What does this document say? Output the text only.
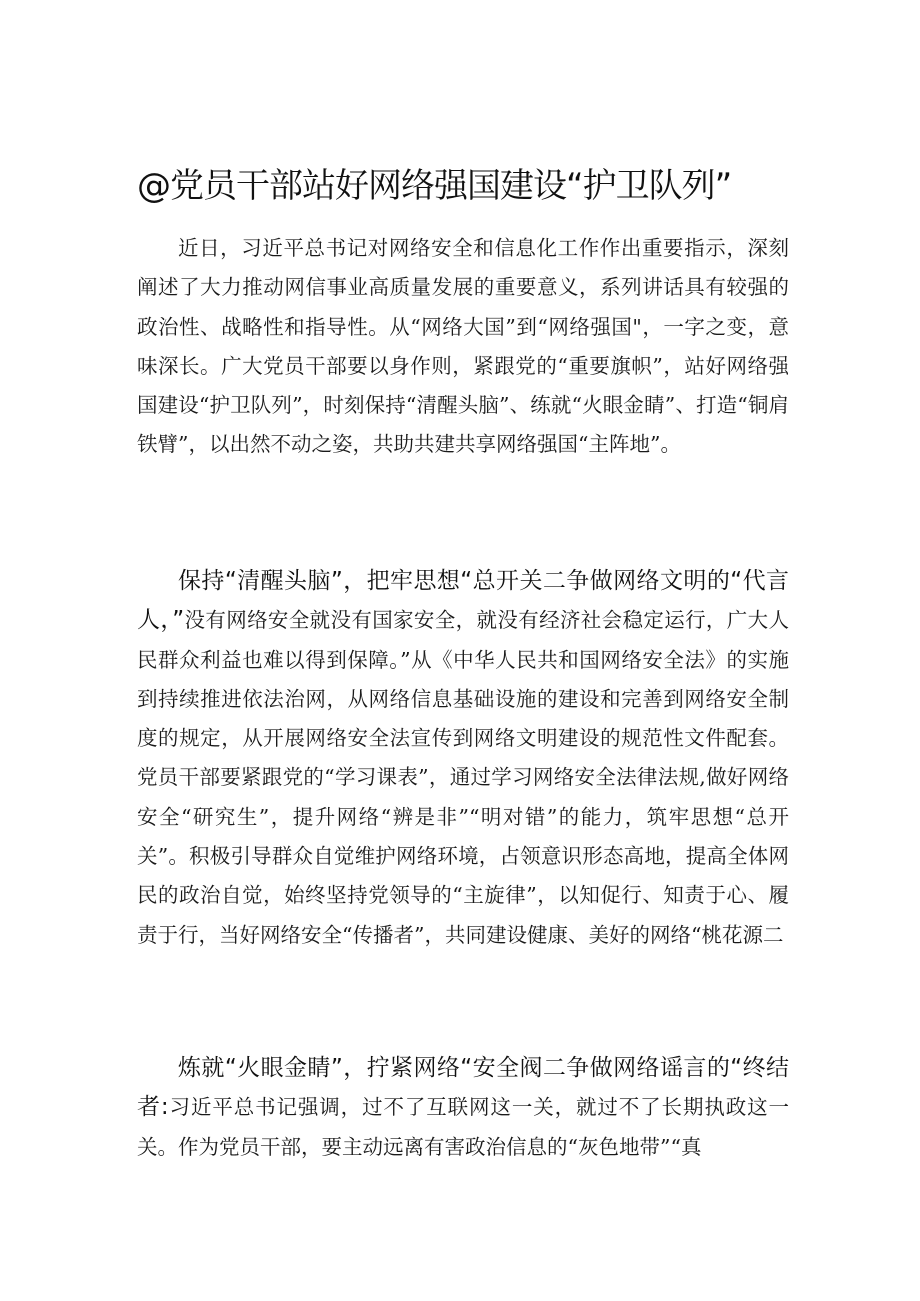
@党员干部站好网络强国建设“护卫队列”

近日，习近平总书记对网络安全和信息化工作作出重要指示，深刻阐述了大力推动网信事业高质量发展的重要意义，系列讲话具有较强的政治性、战略性和指导性。从“网络大国”到“网络强国"，一字之变，意味深长。广大党员干部要以身作则，紧跟党的“重要旗帜”，站好网络强国建设“护卫队列”，时刻保持“清醒头脑”、练就“火眼金睛”、打造“铜肩铁臂”，以出然不动之姿，共助共建共享网络强国“主阵地”。

保持“清醒头脑”，把牢思想“总开关二争做网络文明的“代言人，”没有网络安全就没有国家安全，就没有经济社会稳定运行，广大人民群众利益也难以得到保障。”从《中华人民共和国网络安全法》的实施到持续推进依法治网，从网络信息基础设施的建设和完善到网络安全制度的规定，从开展网络安全法宣传到网络文明建设的规范性文件配套。党员干部要紧跟党的“学习课表”，通过学习网络安全法律法规,做好网络安全“研究生”，提升网络“辨是非”“明对错”的能力，筑牢思想“总开关”。积极引导群众自觉维护网络环境，占领意识形态高地，提高全体网民的政治自觉，始终坚持党领导的“主旋律”，以知促行、知责于心、履责于行，当好网络安全“传播者”，共同建设健康、美好的网络“桃花源二

炼就“火眼金睛”，拧紧网络“安全阀二争做网络谣言的“终结者:习近平总书记强调，过不了互联网这一关，就过不了长期执政这一关。作为党员干部，要主动远离有害政治信息的“灰色地带”“真
